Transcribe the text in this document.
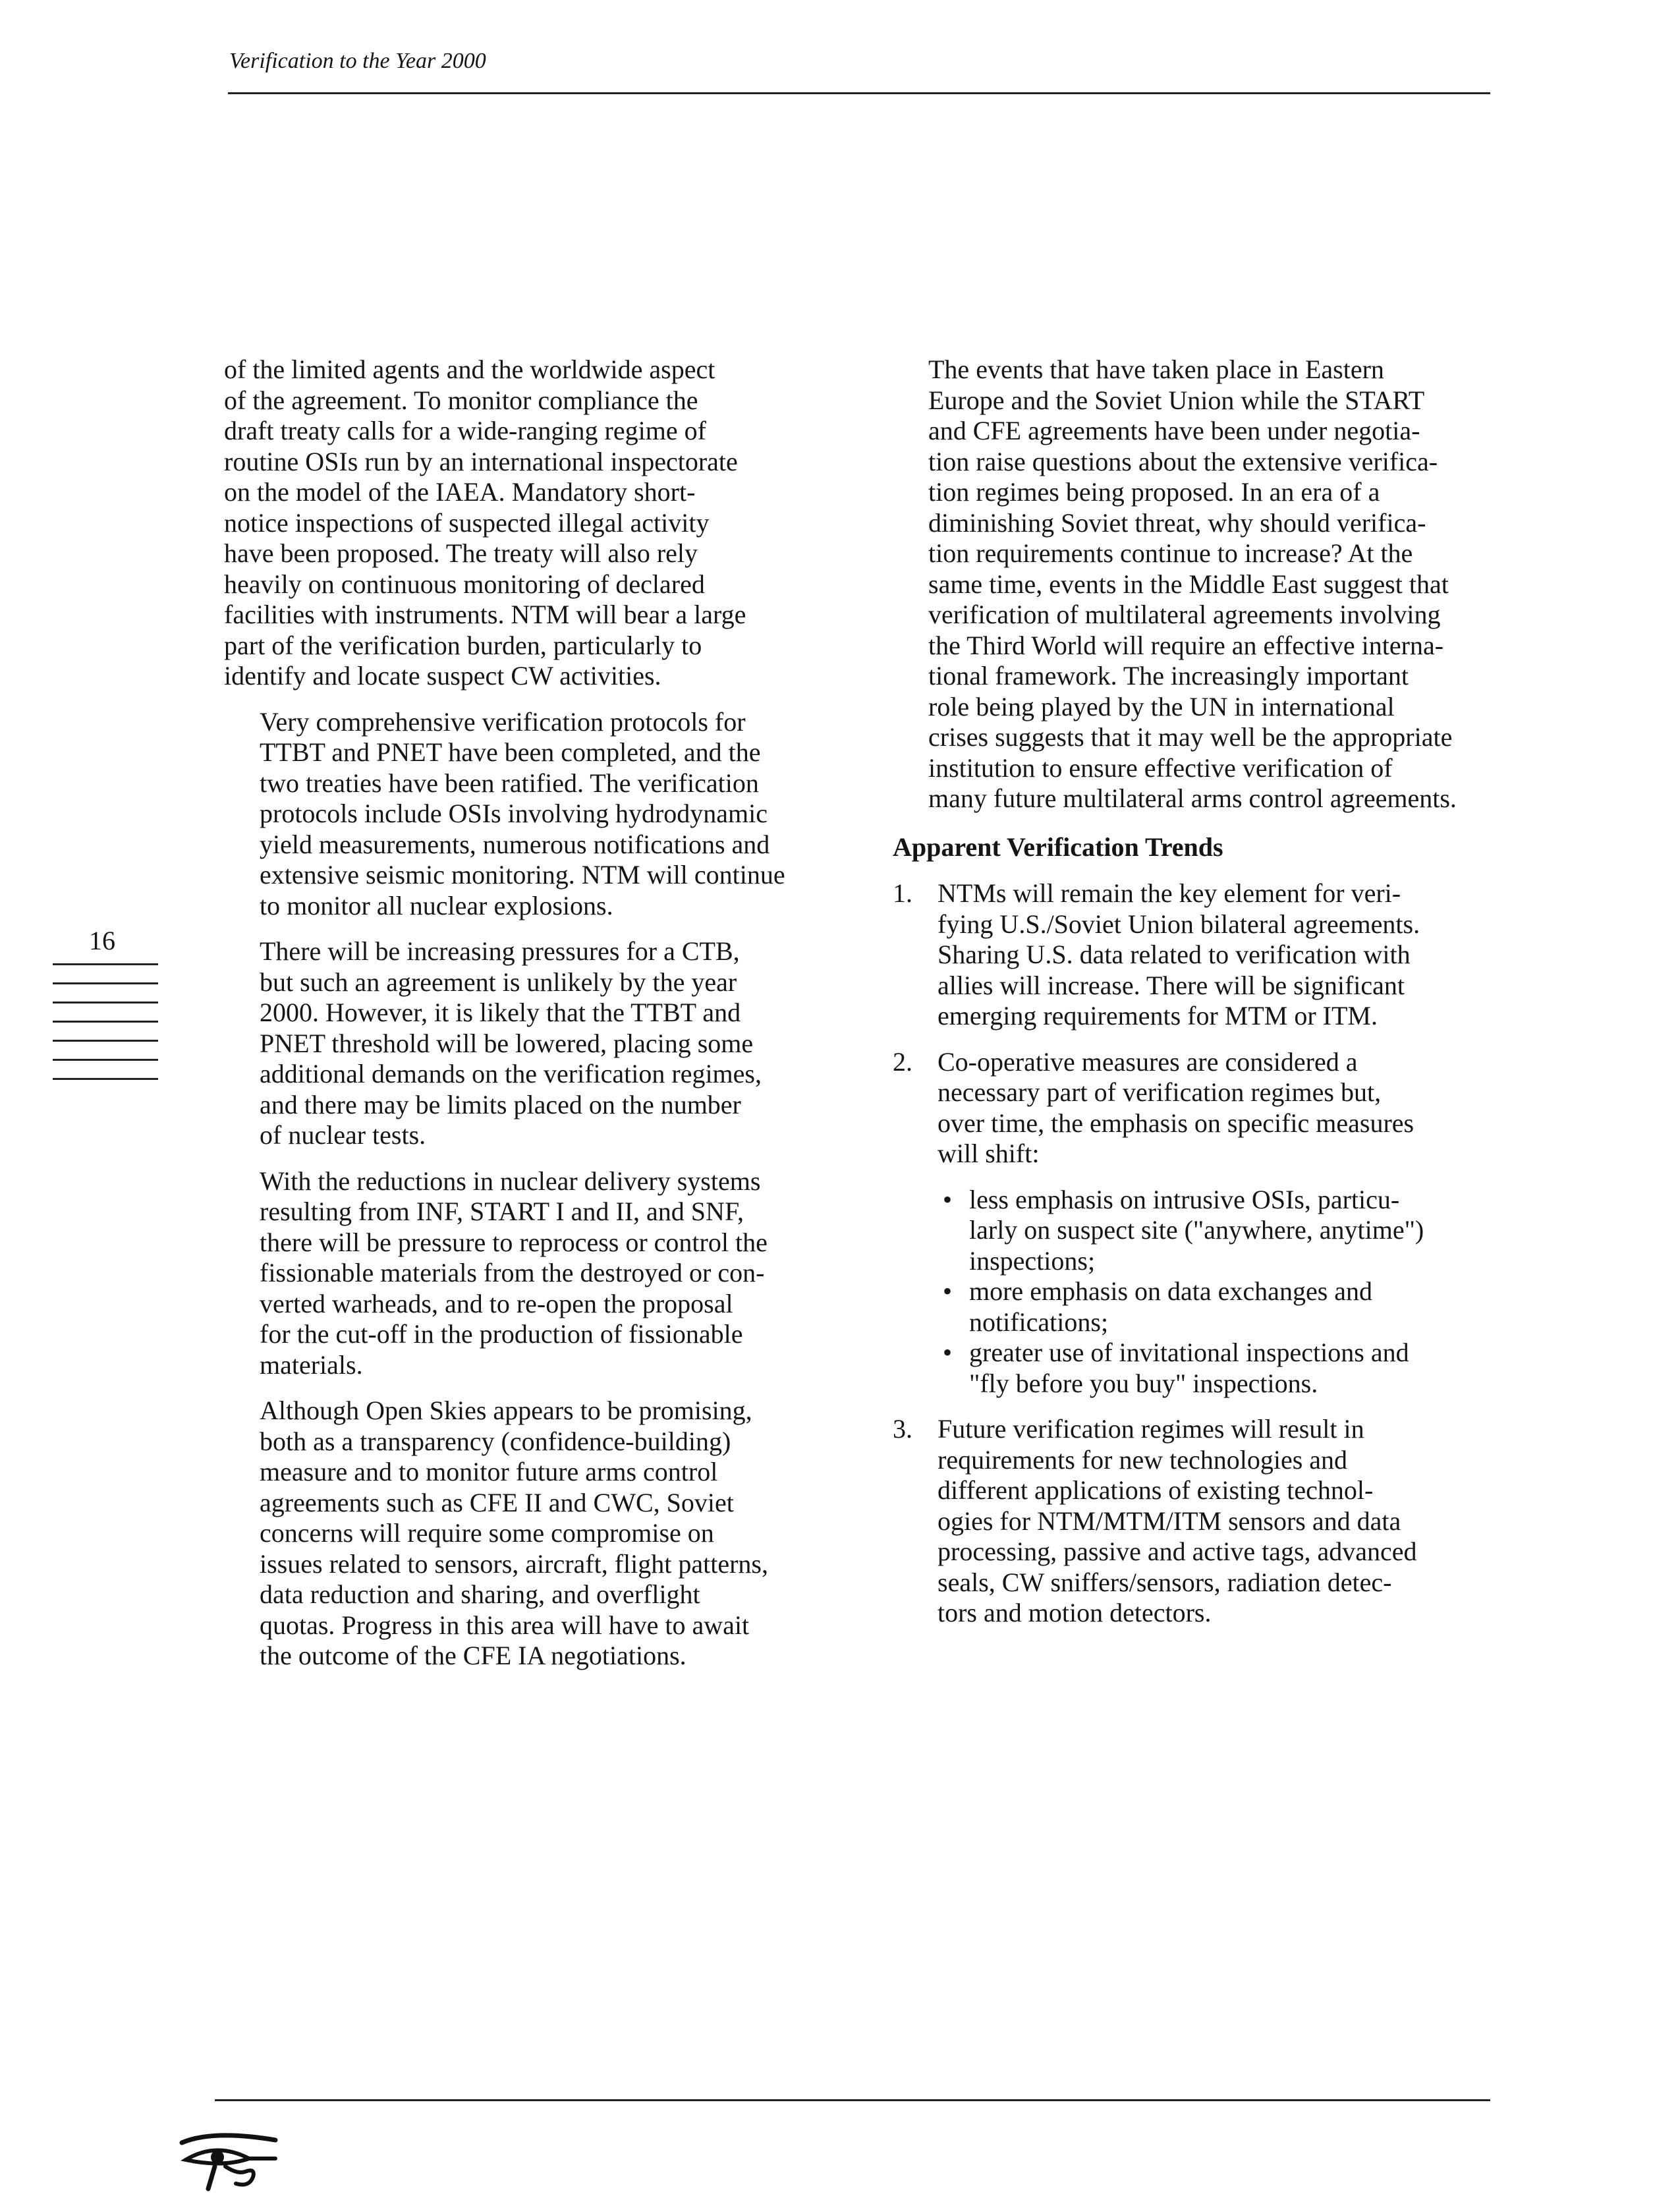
Verification to the Year 2000
16

of the limited agents and the worldwide aspect
of the agreement. To monitor compliance the
draft treaty calls for a wide-ranging regime of
routine OSIs run by an international inspectorate
on the model of the IAEA. Mandatory short-
notice inspections of suspected illegal activity
have been proposed. The treaty will also rely
heavily on continuous monitoring of declared
facilities with instruments. NTM will bear a large
part of the verification burden, particularly to
identify and locate suspect CW activities.

Very comprehensive verification protocols for
TTBT and PNET have been completed, and the
two treaties have been ratified. The verification
protocols include OSIs involving hydrodynamic
yield measurements, numerous notifications and
extensive seismic monitoring. NTM will continue
to monitor all nuclear explosions.

There will be increasing pressures for a CTB,
but such an agreement is unlikely by the year
2000. However, it is likely that the TTBT and
PNET threshold will be lowered, placing some
additional demands on the verification regimes,
and there may be limits placed on the number
of nuclear tests.

With the reductions in nuclear delivery systems
resulting from INF, START I and II, and SNF,
there will be pressure to reprocess or control the
fissionable materials from the destroyed or con-
verted warheads, and to re-open the proposal
for the cut-off in the production of fissionable
materials.

Although Open Skies appears to be promising,
both as a transparency (confidence-building)
measure and to monitor future arms control
agreements such as CFE II and CWC, Soviet
concerns will require some compromise on
issues related to sensors, aircraft, flight patterns,
data reduction and sharing, and overflight
quotas. Progress in this area will have to await
the outcome of the CFE IA negotiations.

The events that have taken place in Eastern
Europe and the Soviet Union while the START
and CFE agreements have been under negotia-
tion raise questions about the extensive verifica-
tion regimes being proposed. In an era of a
diminishing Soviet threat, why should verifica-
tion requirements continue to increase? At the
same time, events in the Middle East suggest that
verification of multilateral agreements involving
the Third World will require an effective interna-
tional framework. The increasingly important
role being played by the UN in international
crises suggests that it may well be the appropriate
institution to ensure effective verification of
many future multilateral arms control agreements.

Apparent Verification Trends
1. NTMs will remain the key element for veri-
fying U.S./Soviet Union bilateral agreements.
Sharing U.S. data related to verification with
allies will increase. There will be significant
emerging requirements for MTM or ITM.
2. Co-operative measures are considered a
necessary part of verification regimes but,
over time, the emphasis on specific measures
will shift:
• less emphasis on intrusive OSIs, particu-
larly on suspect site ("anywhere, anytime")
inspections;
• more emphasis on data exchanges and
notifications;
• greater use of invitational inspections and
"fly before you buy" inspections.
3. Future verification regimes will result in
requirements for new technologies and
different applications of existing technol-
ogies for NTM/MTM/ITM sensors and data
processing, passive and active tags, advanced
seals, CW sniffers/sensors, radiation detec-
tors and motion detectors.
